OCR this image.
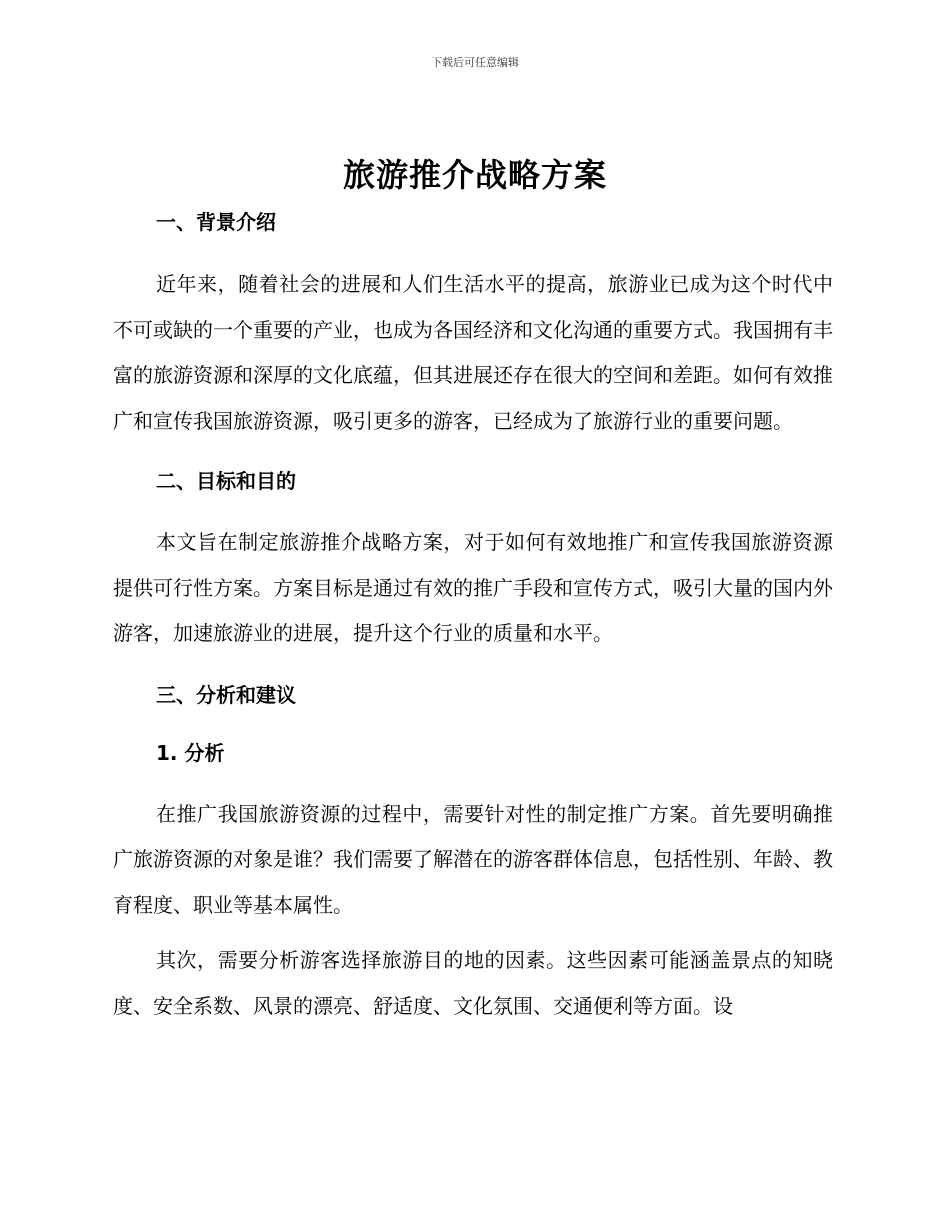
下载后可任意编辑
旅游推介战略方案

一、背景介绍

近年来，随着社会的进展和人们生活水平的提高，旅游业已成为这个时代中不可或缺的一个重要的产业，也成为各国经济和文化沟通的重要方式。我国拥有丰富的旅游资源和深厚的文化底蕴，但其进展还存在很大的空间和差距。如何有效推广和宣传我国旅游资源，吸引更多的游客，已经成为了旅游行业的重要问题。

二、目标和目的

本文旨在制定旅游推介战略方案，对于如何有效地推广和宣传我国旅游资源提供可行性方案。方案目标是通过有效的推广手段和宣传方式，吸引大量的国内外游客，加速旅游业的进展，提升这个行业的质量和水平。

三、分析和建议

1. 分析

在推广我国旅游资源的过程中，需要针对性的制定推广方案。首先要明确推广旅游资源的对象是谁？我们需要了解潜在的游客群体信息，包括性别、年龄、教育程度、职业等基本属性。

其次，需要分析游客选择旅游目的地的因素。这些因素可能涵盖景点的知晓度、安全系数、风景的漂亮、舒适度、文化氛围、交通便利等方面。设
